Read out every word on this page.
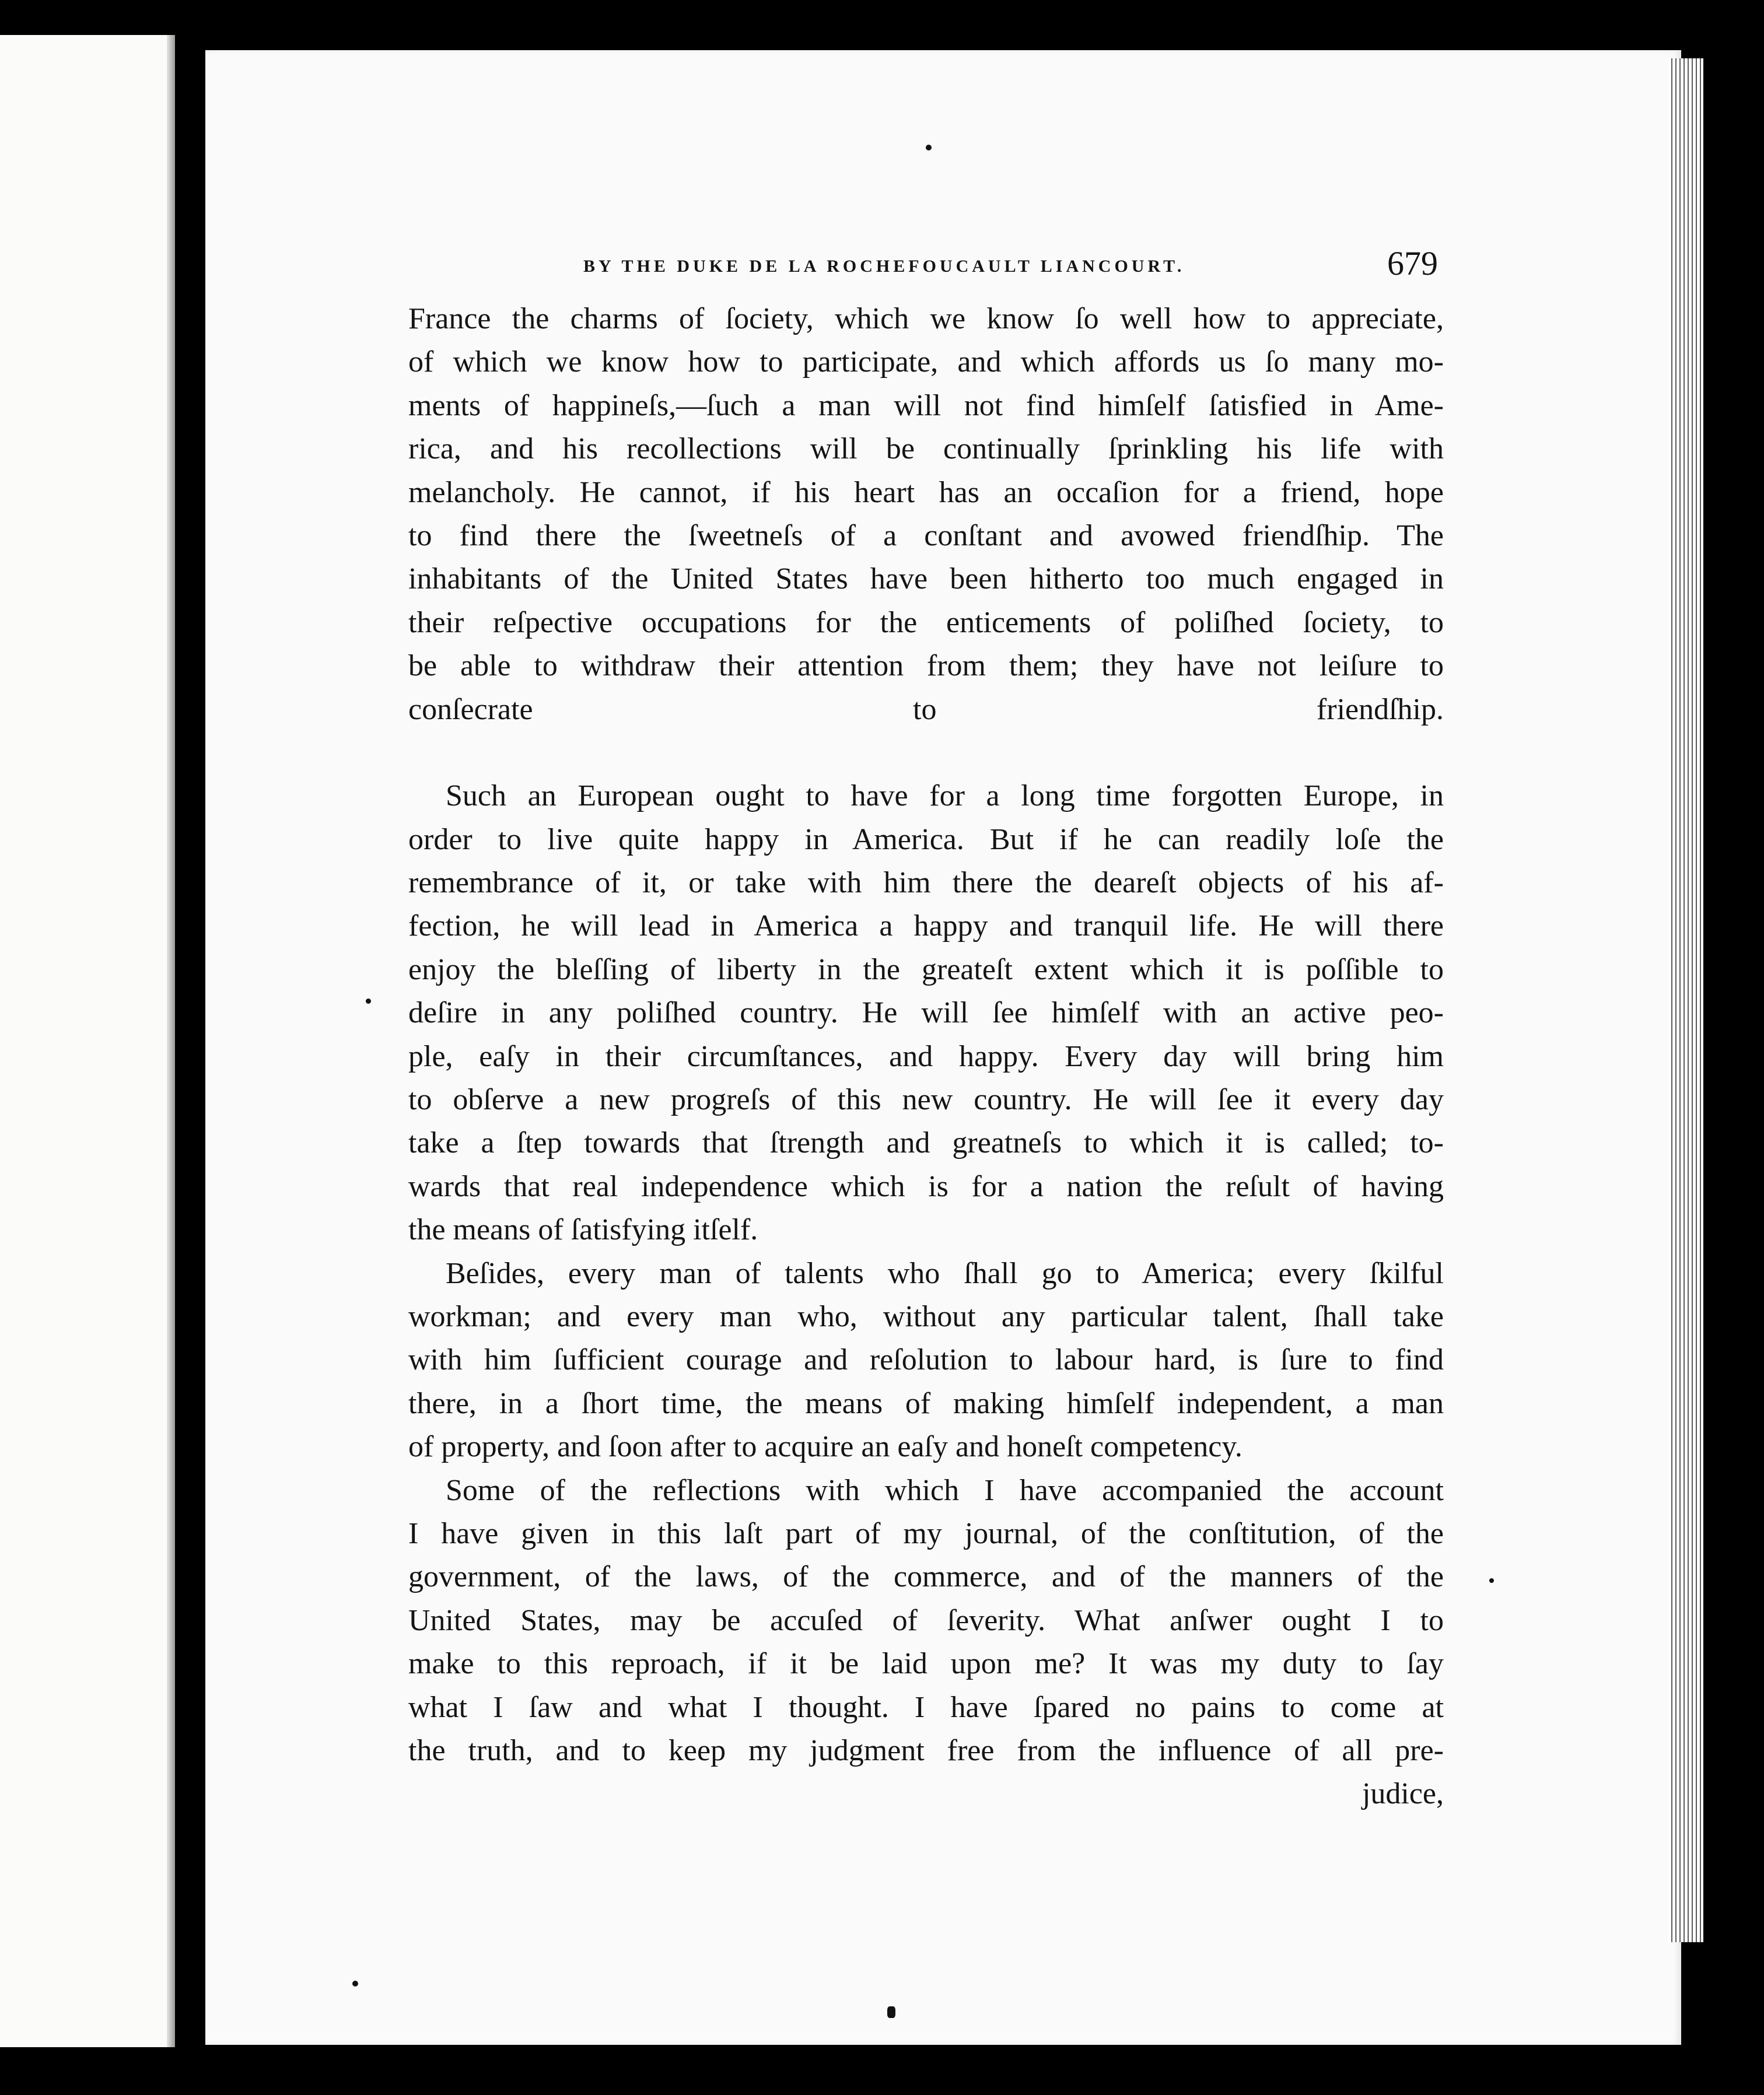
BY THE DUKE DE LA ROCHEFOUCAULT LIANCOURT.	679
France the charms of ſociety, which we know ſo well how to appreciate,
of which we know how to participate, and which affords us ſo many mo-
ments of happineſs,—ſuch a man will not find himſelf ſatisfied in Ame-
rica, and his recollections will be continually ſprinkling his life with
melancholy. He cannot, if his heart has an occaſion for a friend, hope
to find there the ſweetneſs of a conſtant and avowed friendſhip. The
inhabitants of the United States have been hitherto too much engaged in
their reſpective occupations for the enticements of poliſhed ſociety, to
be able to withdraw their attention from them; they have not leiſure to
conſecrate to friendſhip.
Such an European ought to have for a long time forgotten Europe, in
order to live quite happy in America. But if he can readily loſe the
remembrance of it, or take with him there the deareſt objects of his af-
fection, he will lead in America a happy and tranquil life. He will there
enjoy the bleſſing of liberty in the greateſt extent which it is poſſible to
deſire in any poliſhed country. He will ſee himſelf with an active peo-
ple, eaſy in their circumſtances, and happy. Every day will bring him
to obſerve a new progreſs of this new country. He will ſee it every day
take a ſtep towards that ſtrength and greatneſs to which it is called; to-
wards that real independence which is for a nation the reſult of having
the means of ſatisfying itſelf.
Beſides, every man of talents who ſhall go to America; every ſkilful
workman; and every man who, without any particular talent, ſhall take
with him ſufficient courage and reſolution to labour hard, is ſure to find
there, in a ſhort time, the means of making himſelf independent, a man
of property, and ſoon after to acquire an eaſy and honeſt competency.
Some of the reflections with which I have accompanied the account
I have given in this laſt part of my journal, of the conſtitution, of the
government, of the laws, of the commerce, and of the manners of the
United States, may be accuſed of ſeverity. What anſwer ought I to
make to this reproach, if it be laid upon me? It was my duty to ſay
what I ſaw and what I thought. I have ſpared no pains to come at
the truth, and to keep my judgment free from the influence of all pre-
judice,
